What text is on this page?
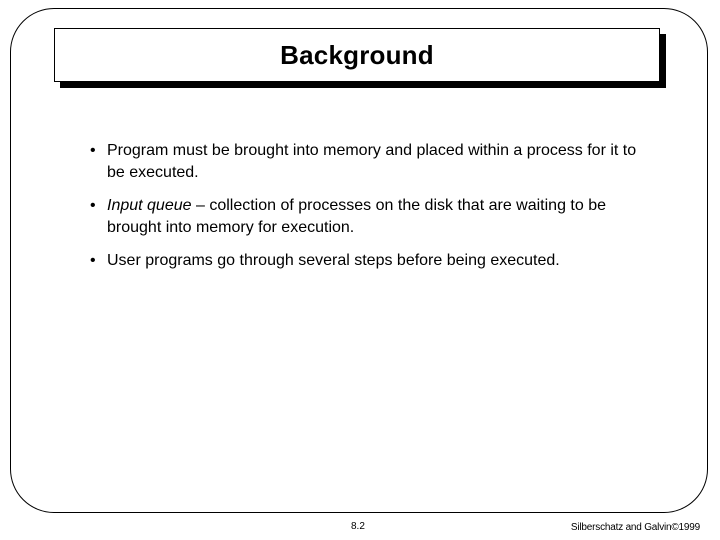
Background
• Program must be brought into memory and placed within a process for it to be executed.
• Input queue – collection of processes on the disk that are waiting to be brought into memory for execution.
• User programs go through several steps before being executed.
8.2	Silberschatz and Galvin©1999
